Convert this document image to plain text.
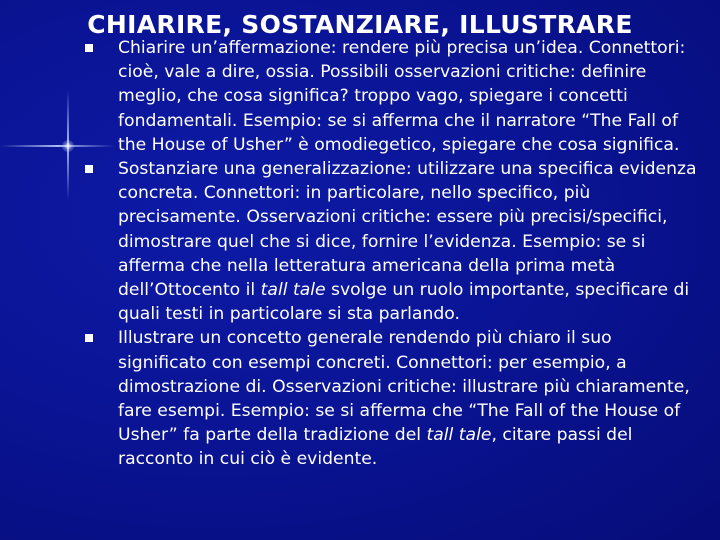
CHIARIRE, SOSTANZIARE, ILLUSTRARE
Chiarire un’affermazione: rendere più precisa un’idea. Connettori: cioè, vale a dire, ossia. Possibili osservazioni critiche: definire meglio, che cosa significa? troppo vago, spiegare i concetti fondamentali. Esempio: se si afferma che il narratore “The Fall of the House of Usher” è omodiegetico, spiegare che cosa significa.
Sostanziare una generalizzazione: utilizzare una specifica evidenza concreta. Connettori: in particolare, nello specifico, più precisamente. Osservazioni critiche: essere più precisi/specifici, dimostrare quel che si dice, fornire l’evidenza. Esempio: se si afferma che nella letteratura americana della prima metà dell’Ottocento il tall tale svolge un ruolo importante, specificare di quali testi in particolare si sta parlando.
Illustrare un concetto generale rendendo più chiaro il suo significato con esempi concreti. Connettori: per esempio, a dimostrazione di. Osservazioni critiche: illustrare più chiaramente, fare esempi. Esempio: se si afferma che “The Fall of the House of Usher” fa parte della tradizione del tall tale, citare passi del racconto in cui ciò è evidente.
